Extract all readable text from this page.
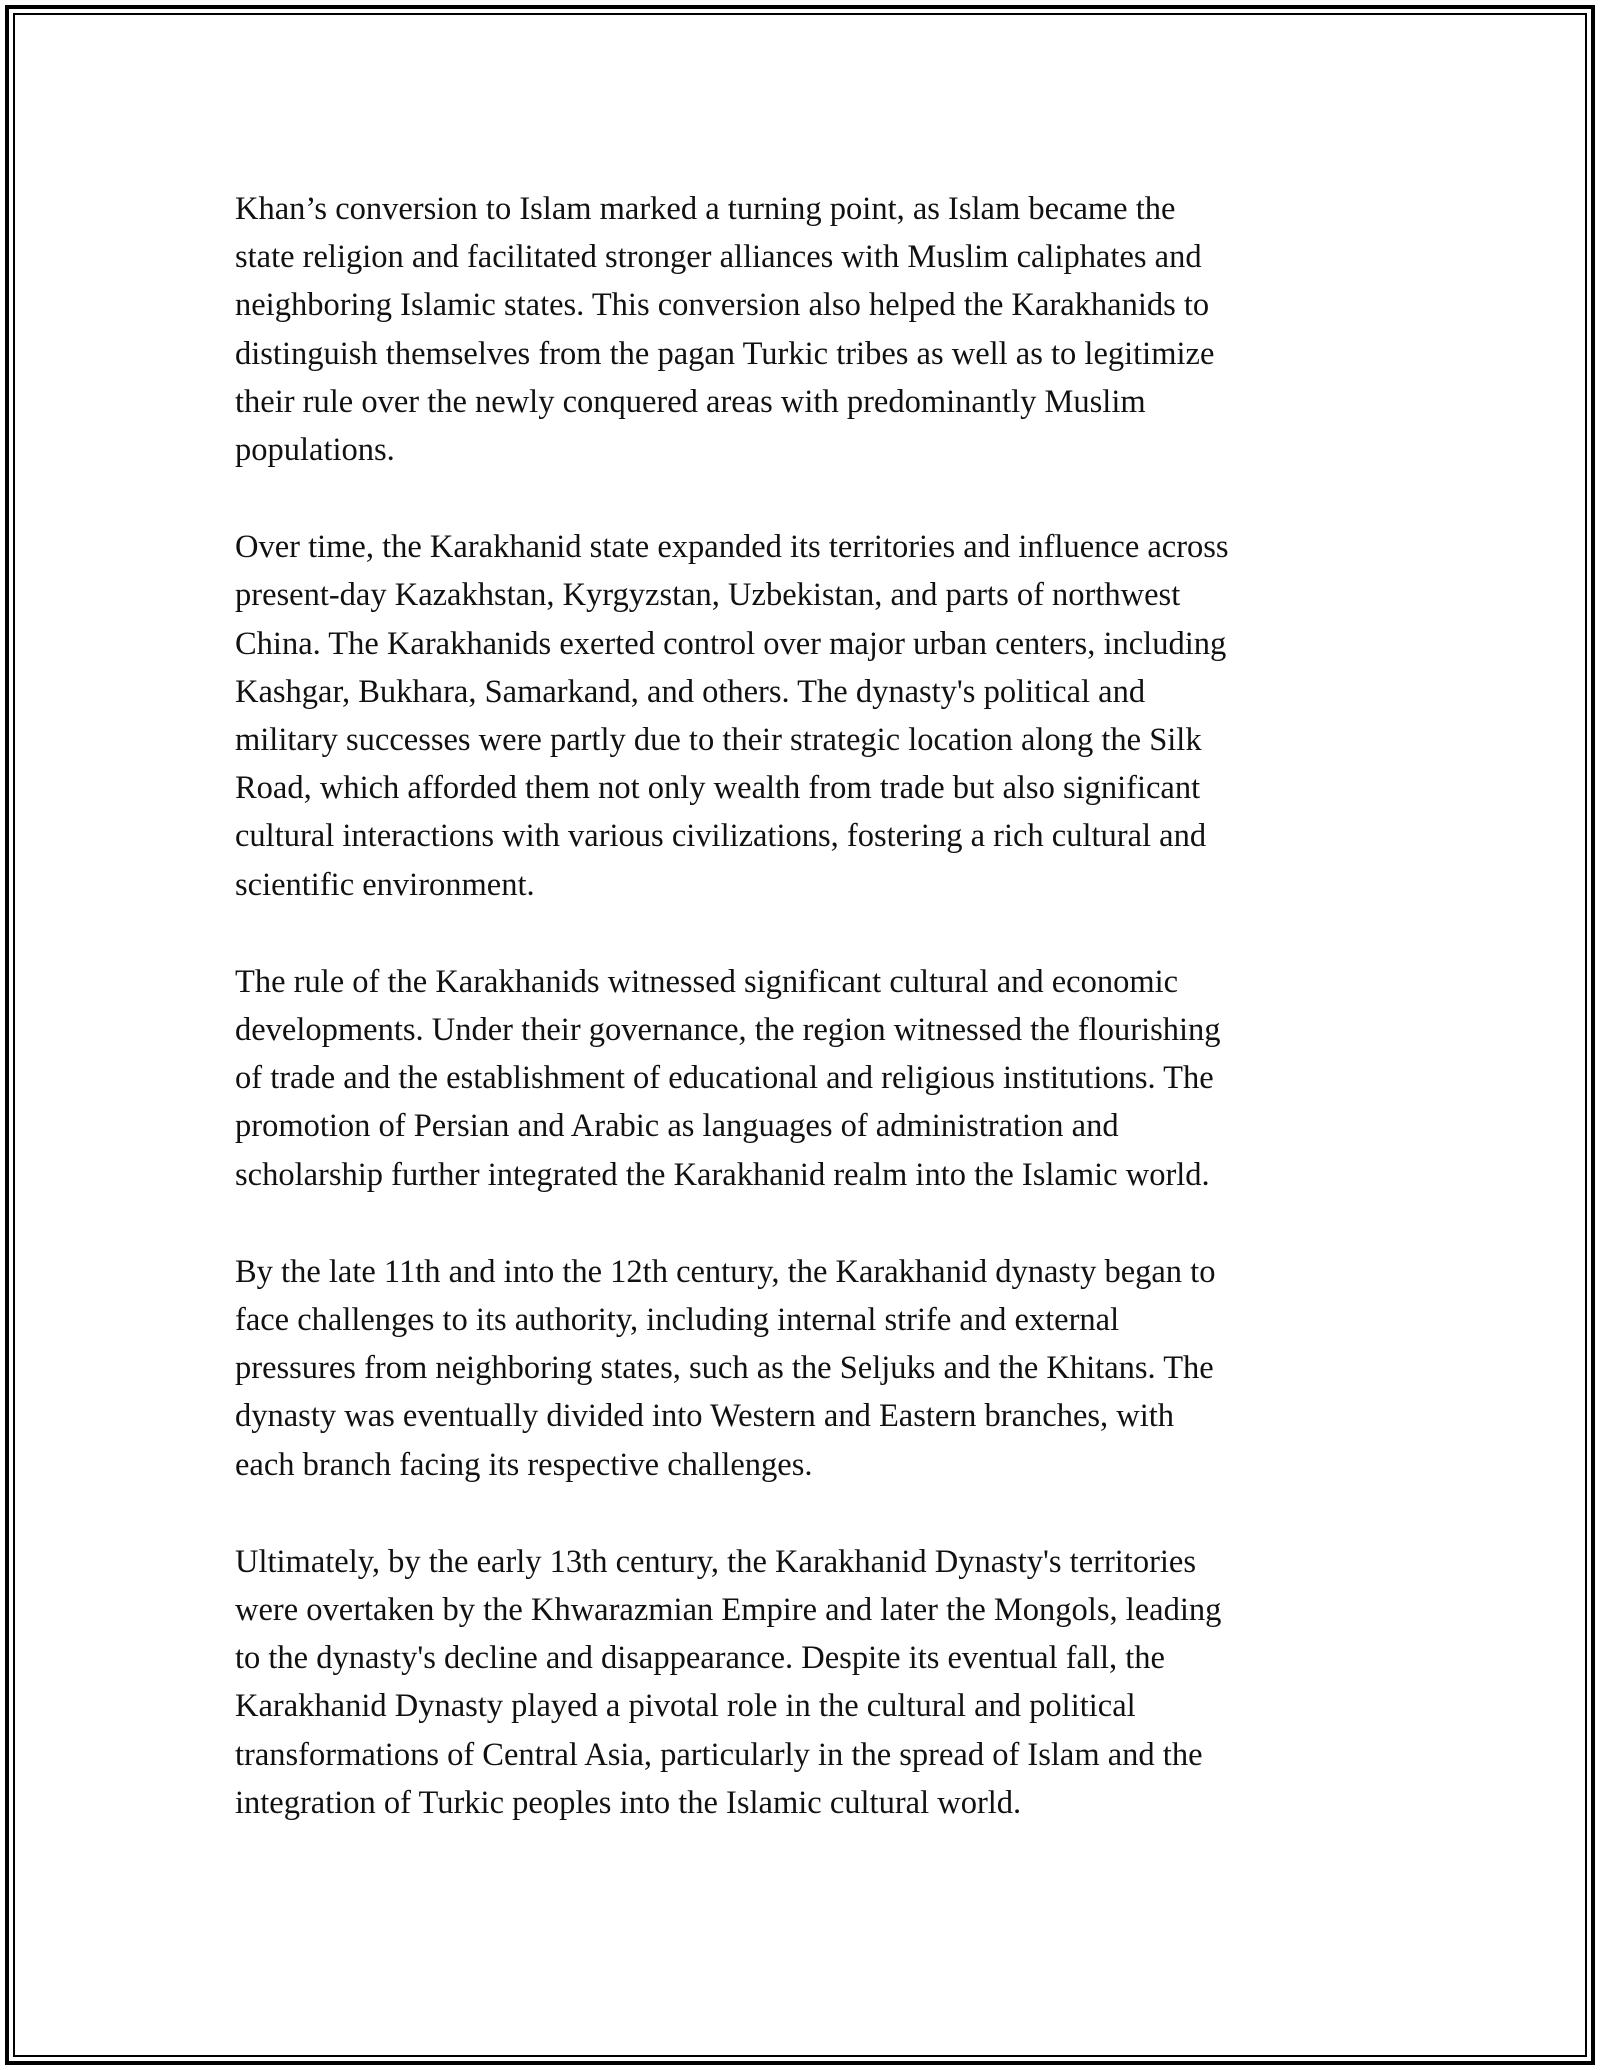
Khan’s conversion to Islam marked a turning point, as Islam became the
state religion and facilitated stronger alliances with Muslim caliphates and
neighboring Islamic states. This conversion also helped the Karakhanids to
distinguish themselves from the pagan Turkic tribes as well as to legitimize
their rule over the newly conquered areas with predominantly Muslim
populations.

Over time, the Karakhanid state expanded its territories and influence across
present-day Kazakhstan, Kyrgyzstan, Uzbekistan, and parts of northwest
China. The Karakhanids exerted control over major urban centers, including
Kashgar, Bukhara, Samarkand, and others. The dynasty's political and
military successes were partly due to their strategic location along the Silk
Road, which afforded them not only wealth from trade but also significant
cultural interactions with various civilizations, fostering a rich cultural and
scientific environment.

The rule of the Karakhanids witnessed significant cultural and economic
developments. Under their governance, the region witnessed the flourishing
of trade and the establishment of educational and religious institutions. The
promotion of Persian and Arabic as languages of administration and
scholarship further integrated the Karakhanid realm into the Islamic world.

By the late 11th and into the 12th century, the Karakhanid dynasty began to
face challenges to its authority, including internal strife and external
pressures from neighboring states, such as the Seljuks and the Khitans. The
dynasty was eventually divided into Western and Eastern branches, with
each branch facing its respective challenges.

Ultimately, by the early 13th century, the Karakhanid Dynasty's territories
were overtaken by the Khwarazmian Empire and later the Mongols, leading
to the dynasty's decline and disappearance. Despite its eventual fall, the
Karakhanid Dynasty played a pivotal role in the cultural and political
transformations of Central Asia, particularly in the spread of Islam and the
integration of Turkic peoples into the Islamic cultural world.
